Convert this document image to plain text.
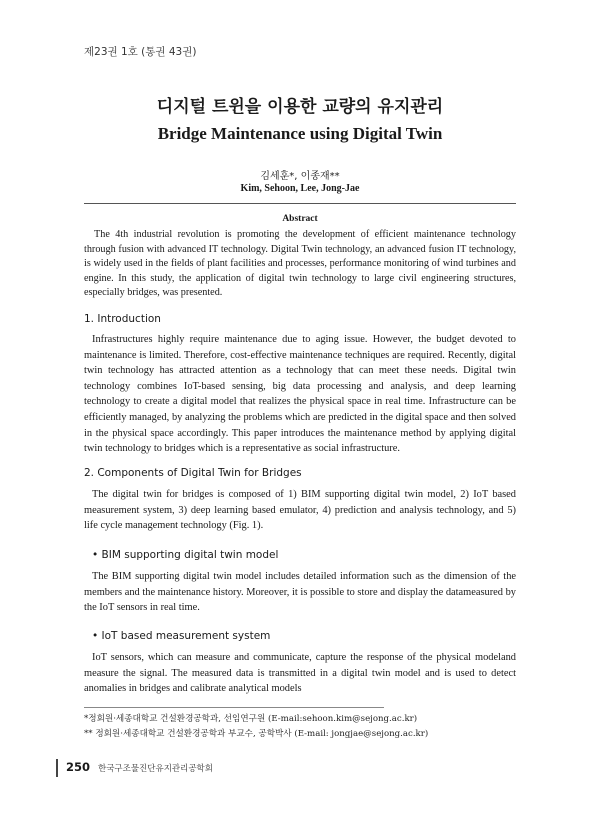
제23권 1호 (통권 43권)
디지털 트윈을 이용한 교량의 유지관리
Bridge Maintenance using Digital Twin
김세훈*, 이종재**
Kim, Sehoon, Lee, Jong-Jae
Abstract

The 4th industrial revolution is promoting the development of efficient maintenance technology through fusion with advanced IT technology. Digital Twin technology, an advanced fusion IT technology, is widely used in the fields of plant facilities and processes, performance monitoring of wind turbines and engine. In this study, the application of digital twin technology to large civil engineering structures, especially bridges, was presented.

1. Introduction

Infrastructures highly require maintenance due to aging issue. However, the budget devoted to maintenance is limited. Therefore, cost-effective maintenance techniques are required. Recently, digital twin technology has attracted attention as a technology that can meet these needs. Digital twin technology combines IoT-based sensing, big data processing and analysis, and deep learning technology to create a digital model that realizes the physical space in real time. Infrastructure can be efficiently managed, by analyzing the problems which are predicted in the digital space and then solved in the physical space accordingly. This paper introduces the maintenance method by applying digital twin technology to bridges which is a representative as social infrastructure.

2. Components of Digital Twin for Bridges

The digital twin for bridges is composed of 1) BIM supporting digital twin model, 2) IoT based measurement system, 3) deep learning based emulator, 4) prediction and analysis technology, and 5) life cycle management technology (Fig. 1).

• BIM supporting digital twin model

The BIM supporting digital twin model includes detailed information such as the dimension of the members and the maintenance history. Moreover, it is possible to store and display the datameasured by the IoT sensors in real time.

• IoT based measurement system

IoT sensors, which can measure and communicate, capture the response of the physical modeland measure the signal. The measured data is transmitted in a digital twin model and is used to detect anomalies in bridges and calibrate analytical models

*정회원·세종대학교 건설환경공학과, 선임연구원 (E-mail:sehoon.kim@sejong.ac.kr)
** 정회원·세종대학교 건설환경공학과 부교수, 공학박사 (E-mail: jongjae@sejong.ac.kr)
250 한국구조물진단유지관리공학회
